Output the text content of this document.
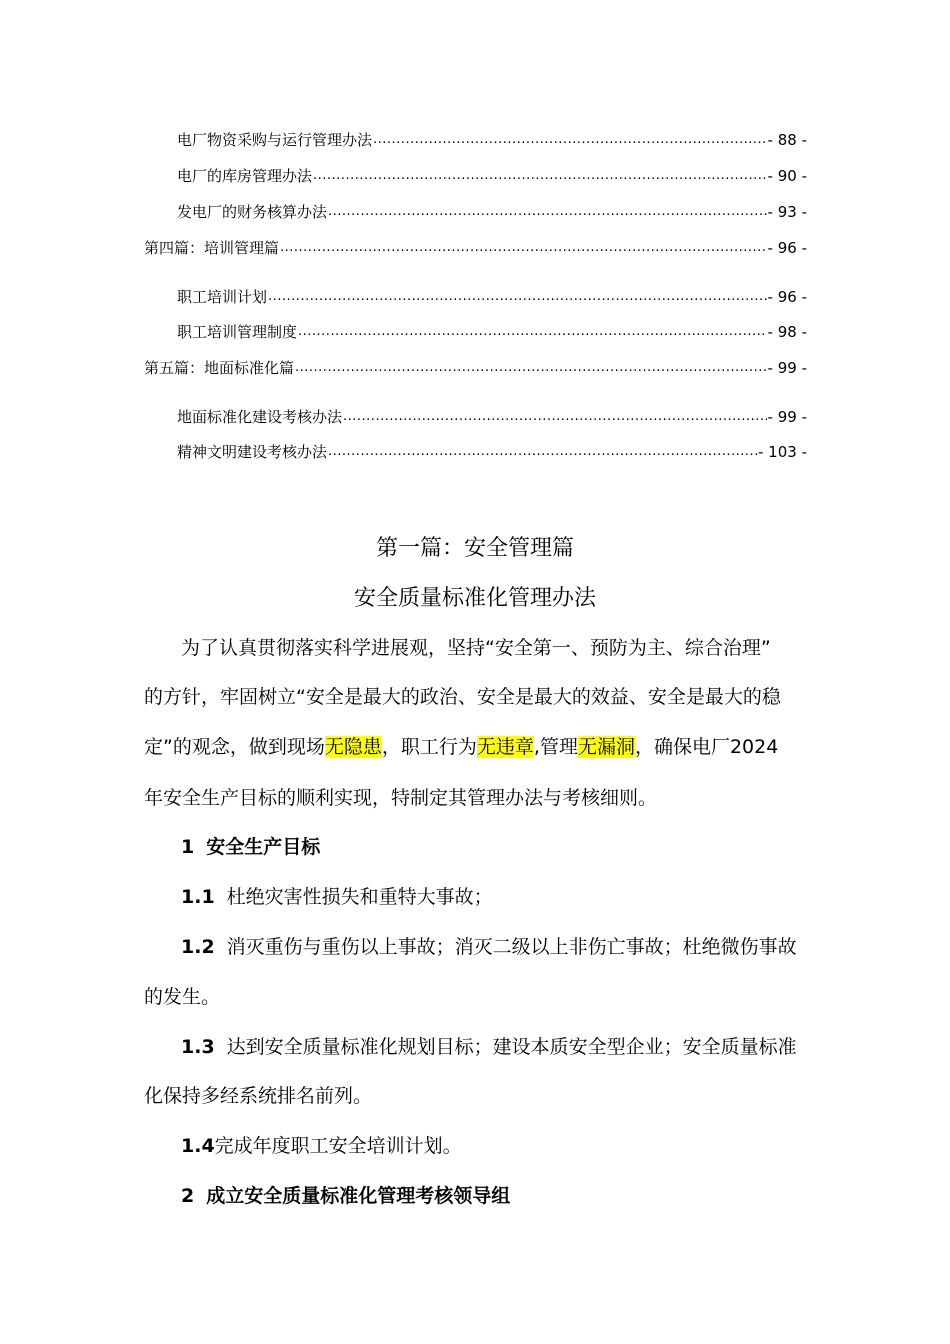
电厂物资采购与运行管理办法 .....	- 88 -
电厂的库房管理办法 .....	- 90 -
发电厂的财务核算办法 .....	- 93 -
第四篇：培训管理篇 .....	- 96 -
职工培训计划 .....	- 96 -
职工培训管理制度 .....	- 98 -
第五篇：地面标准化篇 .....	- 99 -
地面标准化建设考核办法 .....	- 99 -
精神文明建设考核办法 .....	- 103 -
第一篇：安全管理篇
安全质量标准化管理办法
为了认真贯彻落实科学进展观，坚持“安全第一、预防为主、综合治理”
的方针，牢固树立“安全是最大的政治、安全是最大的效益、安全是最大的稳
定”的观念，做到现场无隐患，职工行为无违章,管理无漏洞，确保电厂2024
年安全生产目标的顺利实现，特制定其管理办法与考核细则。
1 安全生产目标
1.1 杜绝灾害性损失和重特大事故；
1.2 消灭重伤与重伤以上事故；消灭二级以上非伤亡事故；杜绝微伤事故
的发生。
1.3 达到安全质量标准化规划目标；建设本质安全型企业；安全质量标准
化保持多经系统排名前列。
1.4完成年度职工安全培训计划。
2 成立安全质量标准化管理考核领导组
